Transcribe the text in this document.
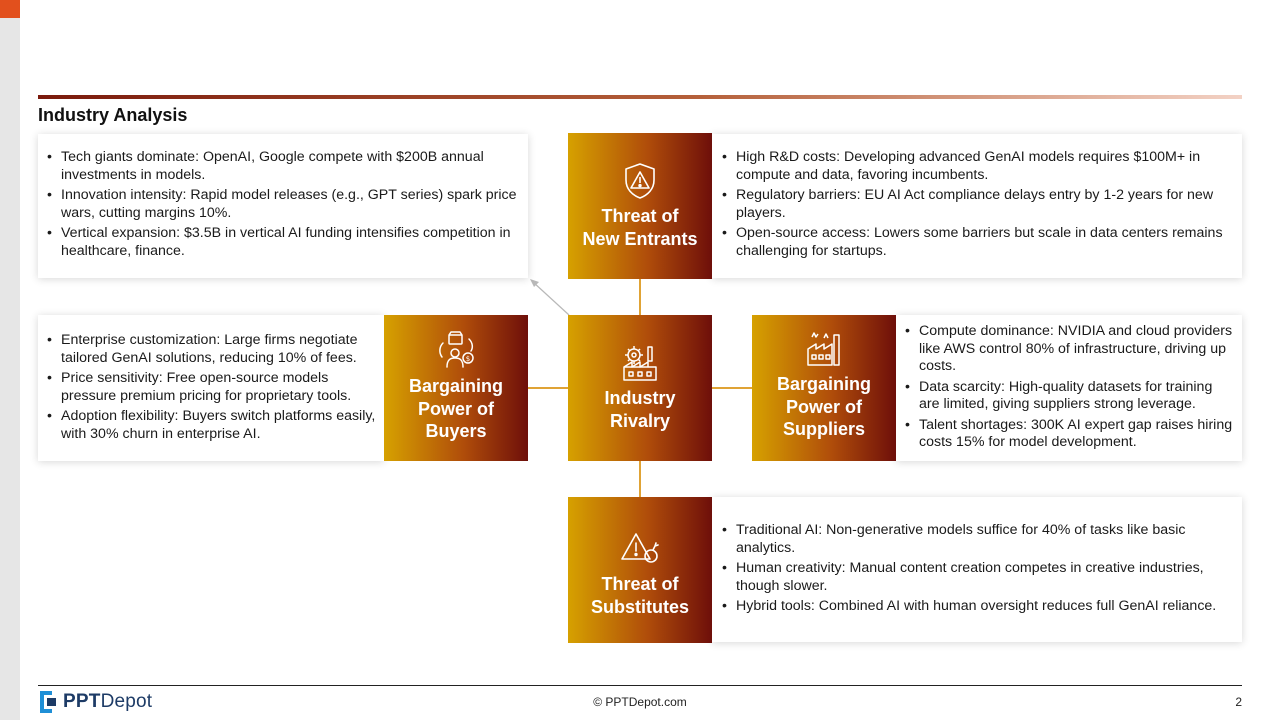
Industry Analysis
• Tech giants dominate: OpenAI, Google compete with $200B annual investments in models.
• Innovation intensity: Rapid model releases (e.g., GPT series) spark price wars, cutting margins 10%.
• Vertical expansion: $3.5B in vertical AI funding intensifies competition in healthcare, finance.
• High R&D costs: Developing advanced GenAI models requires $100M+ in compute and data, favoring incumbents.
• Regulatory barriers: EU AI Act compliance delays entry by 1-2 years for new players.
• Open-source access: Lowers some barriers but scale in data centers remains challenging for startups.
• Enterprise customization: Large firms negotiate tailored GenAI solutions, reducing 10% of fees.
• Price sensitivity: Free open-source models pressure premium pricing for proprietary tools.
• Adoption flexibility: Buyers switch platforms easily, with 30% churn in enterprise AI.
• Compute dominance: NVIDIA and cloud providers like AWS control 80% of infrastructure, driving up costs.
• Data scarcity: High-quality datasets for training are limited, giving suppliers strong leverage.
• Talent shortages: 300K AI expert gap raises hiring costs 15% for model development.
• Traditional AI: Non-generative models suffice for 40% of tasks like basic analytics.
• Human creativity: Manual content creation competes in creative industries, though slower.
• Hybrid tools: Combined AI with human oversight reduces full GenAI reliance.
Threat of
New Entrants
$
Bargaining
Power of
Buyers
Industry
Rivalry
Bargaining
Power of
Suppliers
Threat of
Substitutes
PPTDepot	© PPTDepot.com	2
